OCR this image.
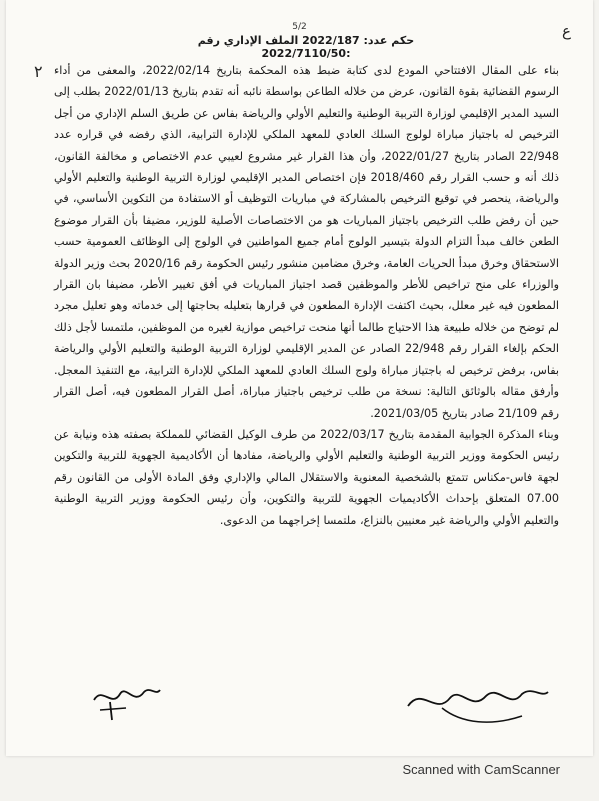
5/2	ع
۲
حكم عدد: 2022/187 الملف الإداري رقم :2022/7110/50

بناء على المقال الافتتاحي المودع لدى كتابة ضبط هذه المحكمة بتاريخ 2022/02/14، والمعفى من أداء الرسوم القضائية بقوة القانون، عرض من خلاله الطاعن بواسطة نائبه أنه تقدم بتاريخ 2022/01/13 بطلب إلى السيد المدير الإقليمي لوزارة التربية الوطنية والتعليم الأولي والرياضة بفاس عن طريق السلم الإداري من أجل الترخيص له باجتياز مباراة لولوج السلك العادي للمعهد الملكي للإدارة الترابية، الذي رفضه في قراره عدد 22/948 الصادر بتاريخ 2022/01/27، وأن هذا القرار غير مشروع لعيبي عدم الاختصاص و مخالفة القانون، ذلك أنه و حسب القرار رقم 2018/460 فإن اختصاص المدير الإقليمي لوزارة التربية الوطنية والتعليم الأولي والرياضة، ينحصر في توقيع الترخيص بالمشاركة في مباريات التوظيف أو الاستفادة من التكوين الأساسي، في حين أن رفض طلب الترخيص باجتياز المباريات هو من الاختصاصات الأصلية للوزير، مضيفا بأن القرار موضوع الطعن خالف مبدأ التزام الدولة بتيسير الولوج أمام جميع المواطنين في الولوج إلى الوظائف العمومية حسب الاستحقاق وخرق مبدأ الحريات العامة، وخرق مضامين منشور رئيس الحكومة رقم 2020/16 بحث وزير الدولة والوزراء على منح تراخيص للأطر والموظفين قصد اجتياز المباريات في أفق تغيير الأطر، مضيفا بان القرار المطعون فيه غير معلل، بحيث اكتفت الإدارة المطعون في قرارها بتعليله بحاجتها إلى خدماته وهو تعليل مجرد لم توضح من خلاله طبيعة هذا الاحتياج طالما أنها منحت تراخيص موازية لغيره من الموظفين، ملتمسا لأجل ذلك الحكم بإلغاء القرار رقم 22/948 الصادر عن المدير الإقليمي لوزارة التربية الوطنية والتعليم الأولي والرياضة بفاس، برفض ترخيص له باجتياز مباراة ولوج السلك العادي للمعهد الملكي للإدارة الترابية، مع التنفيذ المعجل. وأرفق مقاله بالوثائق التالية: نسخة من طلب ترخيص باجتياز مباراة، أصل القرار المطعون فيه، أصل القرار رقم 21/109 صادر بتاريخ 2021/03/05.

وبناء المذكرة الجوابية المقدمة بتاريخ 2022/03/17 من طرف الوكيل القضائي للمملكة بصفته هذه ونيابة عن رئيس الحكومة ووزير التربية الوطنية والتعليم الأولي والرياضة، مفادها أن الأكاديمية الجهوية للتربية والتكوين لجهة فاس-مكناس تتمتع بالشخصية المعنوية والاستقلال المالي والإداري وفق المادة الأولى من القانون رقم 07.00 المتعلق بإحداث الأكاديميات الجهوية للتربية والتكوين، وأن رئيس الحكومة ووزير التربية الوطنية والتعليم الأولي والرياضة غير معنيين بالنزاع، ملتمسا إخراجهما من الدعوى.

Scanned with CamScanner
